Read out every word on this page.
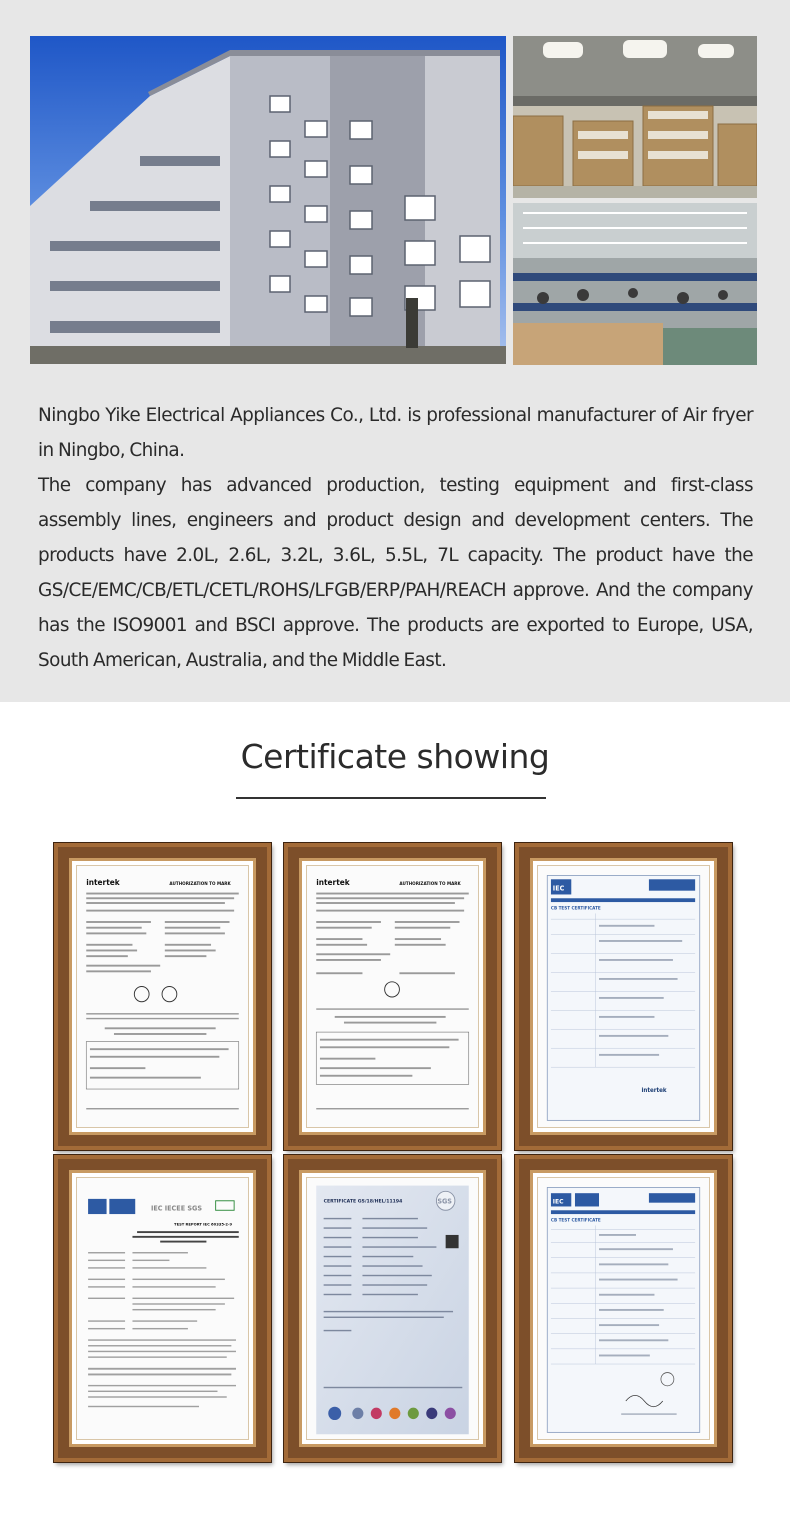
Ningbo Yike Electrical Appliances Co., Ltd. is professional manufacturer of Air fryer in Ningbo, China.

The company has advanced production, testing equipment and first-class assembly lines, engineers and product design and development centers. The products have 2.0L, 2.6L, 3.2L, 3.6L, 5.5L, 7L capacity. The product have the GS/CE/EMC/CB/ETL/CETL/ROHS/LFGB/ERP/PAH/REACH approve. And the company has the ISO9001 and BSCI approve. The products are exported to Europe, USA, South American, Australia, and the Middle East.

Certificate showing
intertek	AUTHORIZATION TO MARK	intertek	AUTHORIZATION TO MARK
IEC
CB TEST CERTIFICATE
intertek
IEC IECEE SGS
TEST REPORT IEC 60335-2-9
CERTIFICATE GS/18/HEL/11194	SGS	IEC
CB TEST CERTIFICATE
